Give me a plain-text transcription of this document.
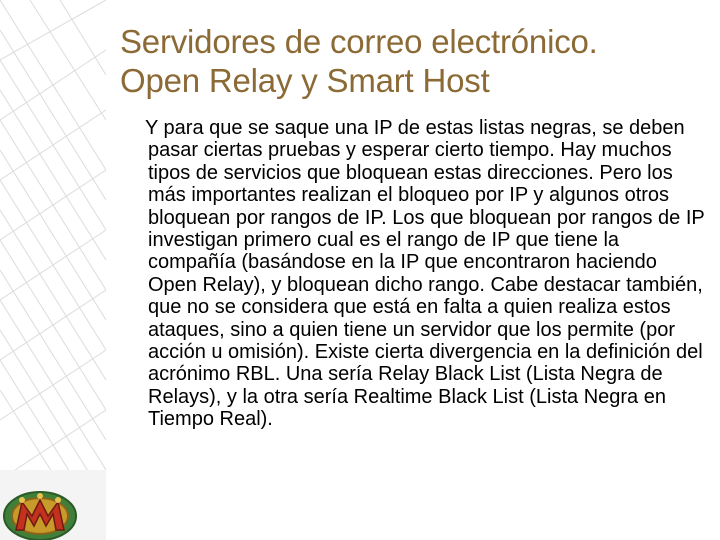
Servidores de correo electrónico.
Open Relay y Smart Host
Y para que se saque una IP de estas listas negras, se deben pasar ciertas pruebas y esperar cierto tiempo. Hay muchos tipos de servicios que bloquean estas direcciones. Pero los más importantes realizan el bloqueo por IP y algunos otros bloquean por rangos de IP. Los que bloquean por rangos de IP investigan primero cual es el rango de IP que tiene la compañía (basándose en la IP que encontraron haciendo Open Relay), y bloquean dicho rango. Cabe destacar también, que no se considera que está en falta a quien realiza estos ataques, sino a quien tiene un servidor que los permite (por acción u omisión). Existe cierta divergencia en la definición del acrónimo RBL. Una sería Relay Black List (Lista Negra de Relays), y la otra sería Realtime Black List (Lista Negra en Tiempo Real).
